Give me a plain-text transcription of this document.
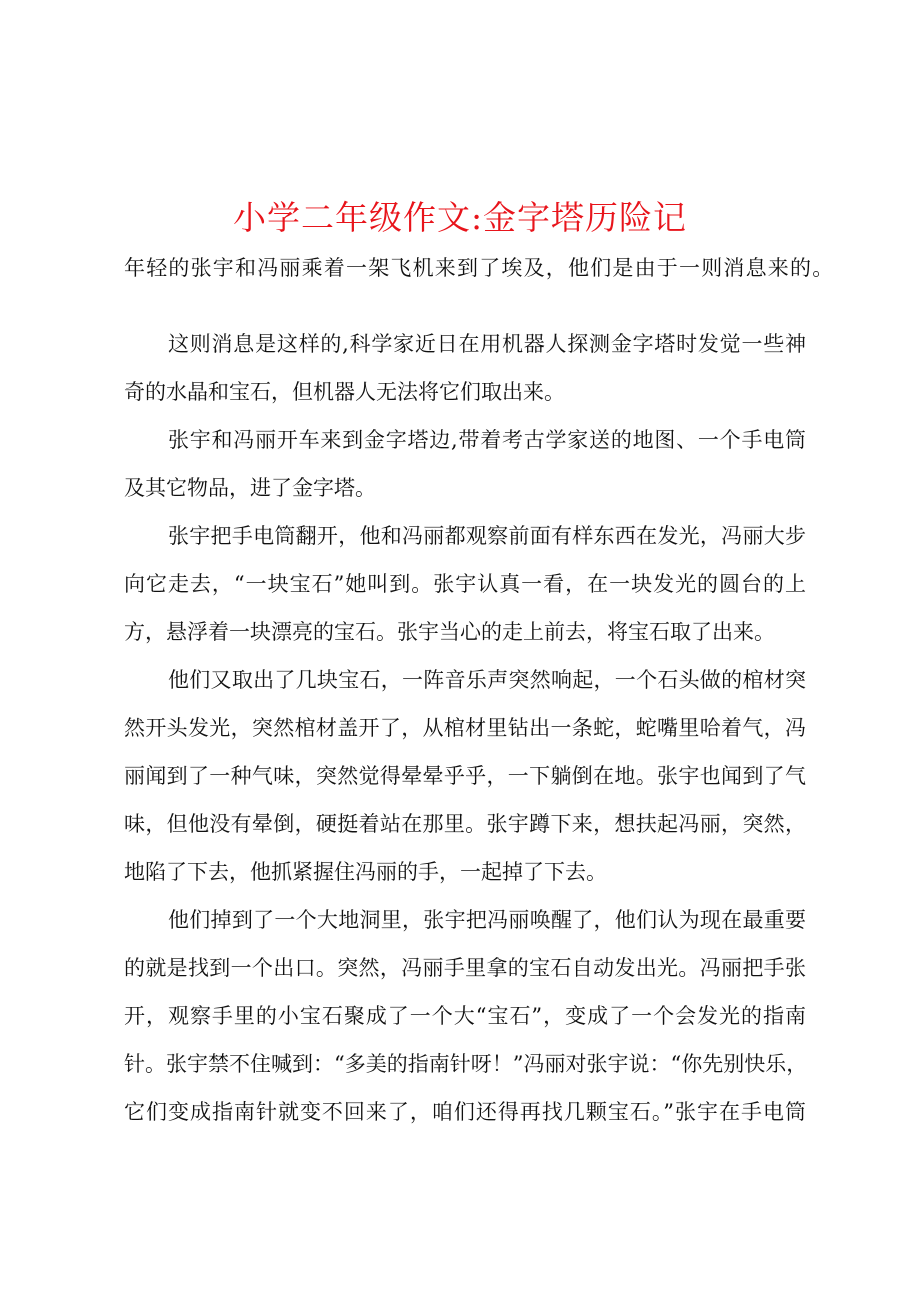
小学二年级作文:金字塔历险记
年轻的张宇和冯丽乘着一架飞机来到了埃及，他们是由于一则消息来的。
这则消息是这样的,科学家近日在用机器人探测金字塔时发觉一些神
奇的水晶和宝石，但机器人无法将它们取出来。
张宇和冯丽开车来到金字塔边,带着考古学家送的地图、一个手电筒
及其它物品，进了金字塔。
张宇把手电筒翻开，他和冯丽都观察前面有样东西在发光，冯丽大步
向它走去，“一块宝石”她叫到。张宇认真一看，在一块发光的圆台的上
方，悬浮着一块漂亮的宝石。张宇当心的走上前去，将宝石取了出来。
他们又取出了几块宝石，一阵音乐声突然响起，一个石头做的棺材突
然开头发光，突然棺材盖开了，从棺材里钻出一条蛇，蛇嘴里哈着气，冯
丽闻到了一种气味，突然觉得晕晕乎乎，一下躺倒在地。张宇也闻到了气
味，但他没有晕倒，硬挺着站在那里。张宇蹲下来，想扶起冯丽，突然，
地陷了下去，他抓紧握住冯丽的手，一起掉了下去。
他们掉到了一个大地洞里，张宇把冯丽唤醒了，他们认为现在最重要
的就是找到一个出口。突然，冯丽手里拿的宝石自动发出光。冯丽把手张
开，观察手里的小宝石聚成了一个大“宝石”，变成了一个会发光的指南
针。张宇禁不住喊到：“多美的指南针呀！”冯丽对张宇说：“你先别快乐，
它们变成指南针就变不回来了，咱们还得再找几颗宝石。”张宇在手电筒
